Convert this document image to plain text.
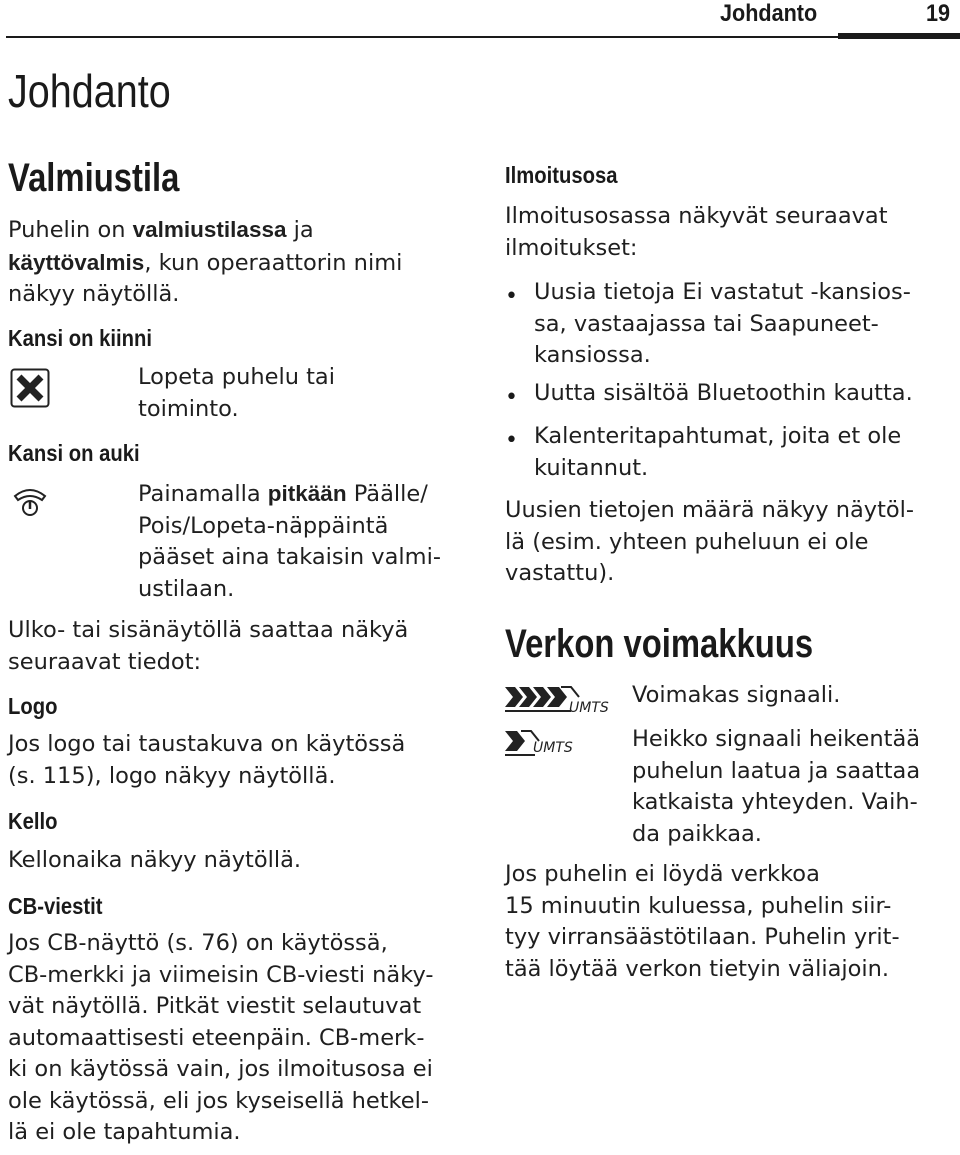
Johdanto	19
Johdanto
Valmiustila
Puhelin on valmiustilassa ja
käyttövalmis, kun operaattorin nimi
näkyy näytöllä.
Kansi on kiinni
Lopeta puhelu tai
toiminto.
Kansi on auki
Painamalla pitkään Päälle/
Pois/Lopeta-näppäintä
pääset aina takaisin valmi-
ustilaan.
Ulko- tai sisänäytöllä saattaa näkyä
seuraavat tiedot:
Logo
Jos logo tai taustakuva on käytössä
(s. 115), logo näkyy näytöllä.
Kello
Kellonaika näkyy näytöllä.
CB-viestit
Jos CB-näyttö (s. 76) on käytössä,
CB-merkki ja viimeisin CB-viesti näky-
vät näytöllä. Pitkät viestit selautuvat
automaattisesti eteenpäin. CB-merk-
ki on käytössä vain, jos ilmoitusosa ei
ole käytössä, eli jos kyseisellä hetkel-
lä ei ole tapahtumia.
Ilmoitusosa
Ilmoitusosassa näkyvät seuraavat
ilmoitukset:
• Uusia tietoja Ei vastatut -kansios-
sa, vastaajassa tai Saapuneet-
kansiossa.
• Uutta sisältöä Bluetoothin kautta.
• Kalenteritapahtumat, joita et ole
kuitannut.
Uusien tietojen määrä näkyy näytöl-
lä (esim. yhteen puheluun ei ole
vastattu).
Verkon voimakkuus
UMTS Voimakas signaali.
UMTS	Heikko signaali heikentää
puhelun laatua ja saattaa
katkaista yhteyden. Vaih-
da paikkaa.
Jos puhelin ei löydä verkkoa
15 minuutin kuluessa, puhelin siir-
tyy virransäästötilaan. Puhelin yrit-
tää löytää verkon tietyin väliajoin.
